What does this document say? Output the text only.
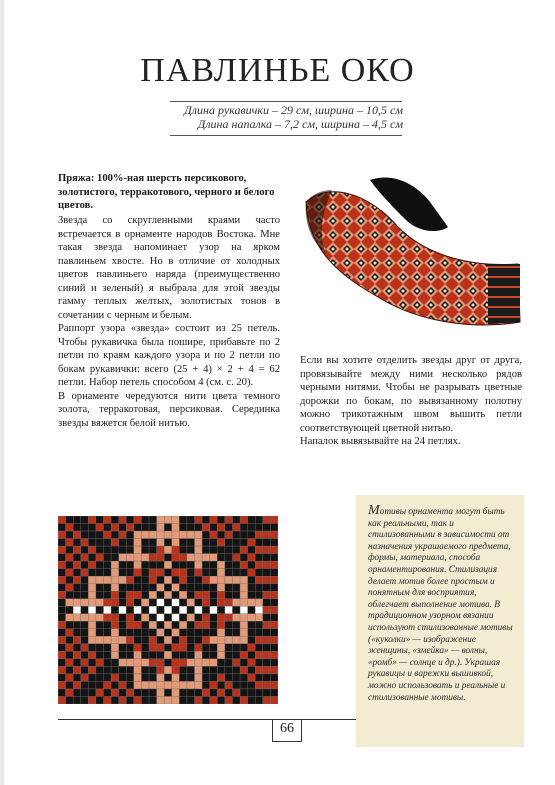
ПАВЛИНЬЕ ОКО
Длина рукавички – 29 см, ширина – 10,5 см
Длина напалка – 7,2 см, ширина – 4,5 см
Пряжа: 100%-ная шерсть персикового, золотистого, терракотового, черного и белого цветов.

Звезда со скругленными краями часто встречается в орнаменте народов Востока. Мне такая звезда напоминает узор на ярком павлиньем хвосте. Но в отличие от холодных цветов павлиньего наряда (преимущественно синий и зеленый) я выбрала для этой звезды гамму теплых желтых, золотистых тонов в сочетании с черным и белым.

Раппорт узора «звезда» состоит из 25 петель. Чтобы рукавичка была пошире, прибавьте по 2 петли по краям каждого узора и по 2 петли по бокам рукавички: всего (25 + 4) × 2 + 4 = 62 петли. Набор петель способом 4 (см. с. 20).

В орнаменте чередуются нити цвета темного золота, терракотовая, персиковая. Серединка звезды вяжется белой нитью.

Если вы хотите отделить звезды друг от друга, провязывайте между ними несколько рядов черными нитями. Чтобы не разрывать цветные дорожки по бокам, по вывязанному полотну можно трикотажным швом вышить петли соответствующей цветной нитью.

Напалок вывязывайте на 24 петлях.

Мотивы орнамента могут быть как реальными, так и стилизованными в зависимости от назначения украшаемого предмета, формы, материала, способа орнаментирования. Стилизация делает мотив более простым и понятным для восприятия, облегчает выполнение мотива. В традиционном узорном вязании используют стилизованные мотивы («куколки» — изображение женщины, «змейка» — волны, «ромб» — солнце и др.). Украшая рукавицы и варежки вышивкой, можно использовать и реальные и стилизованные мотивы.
66
